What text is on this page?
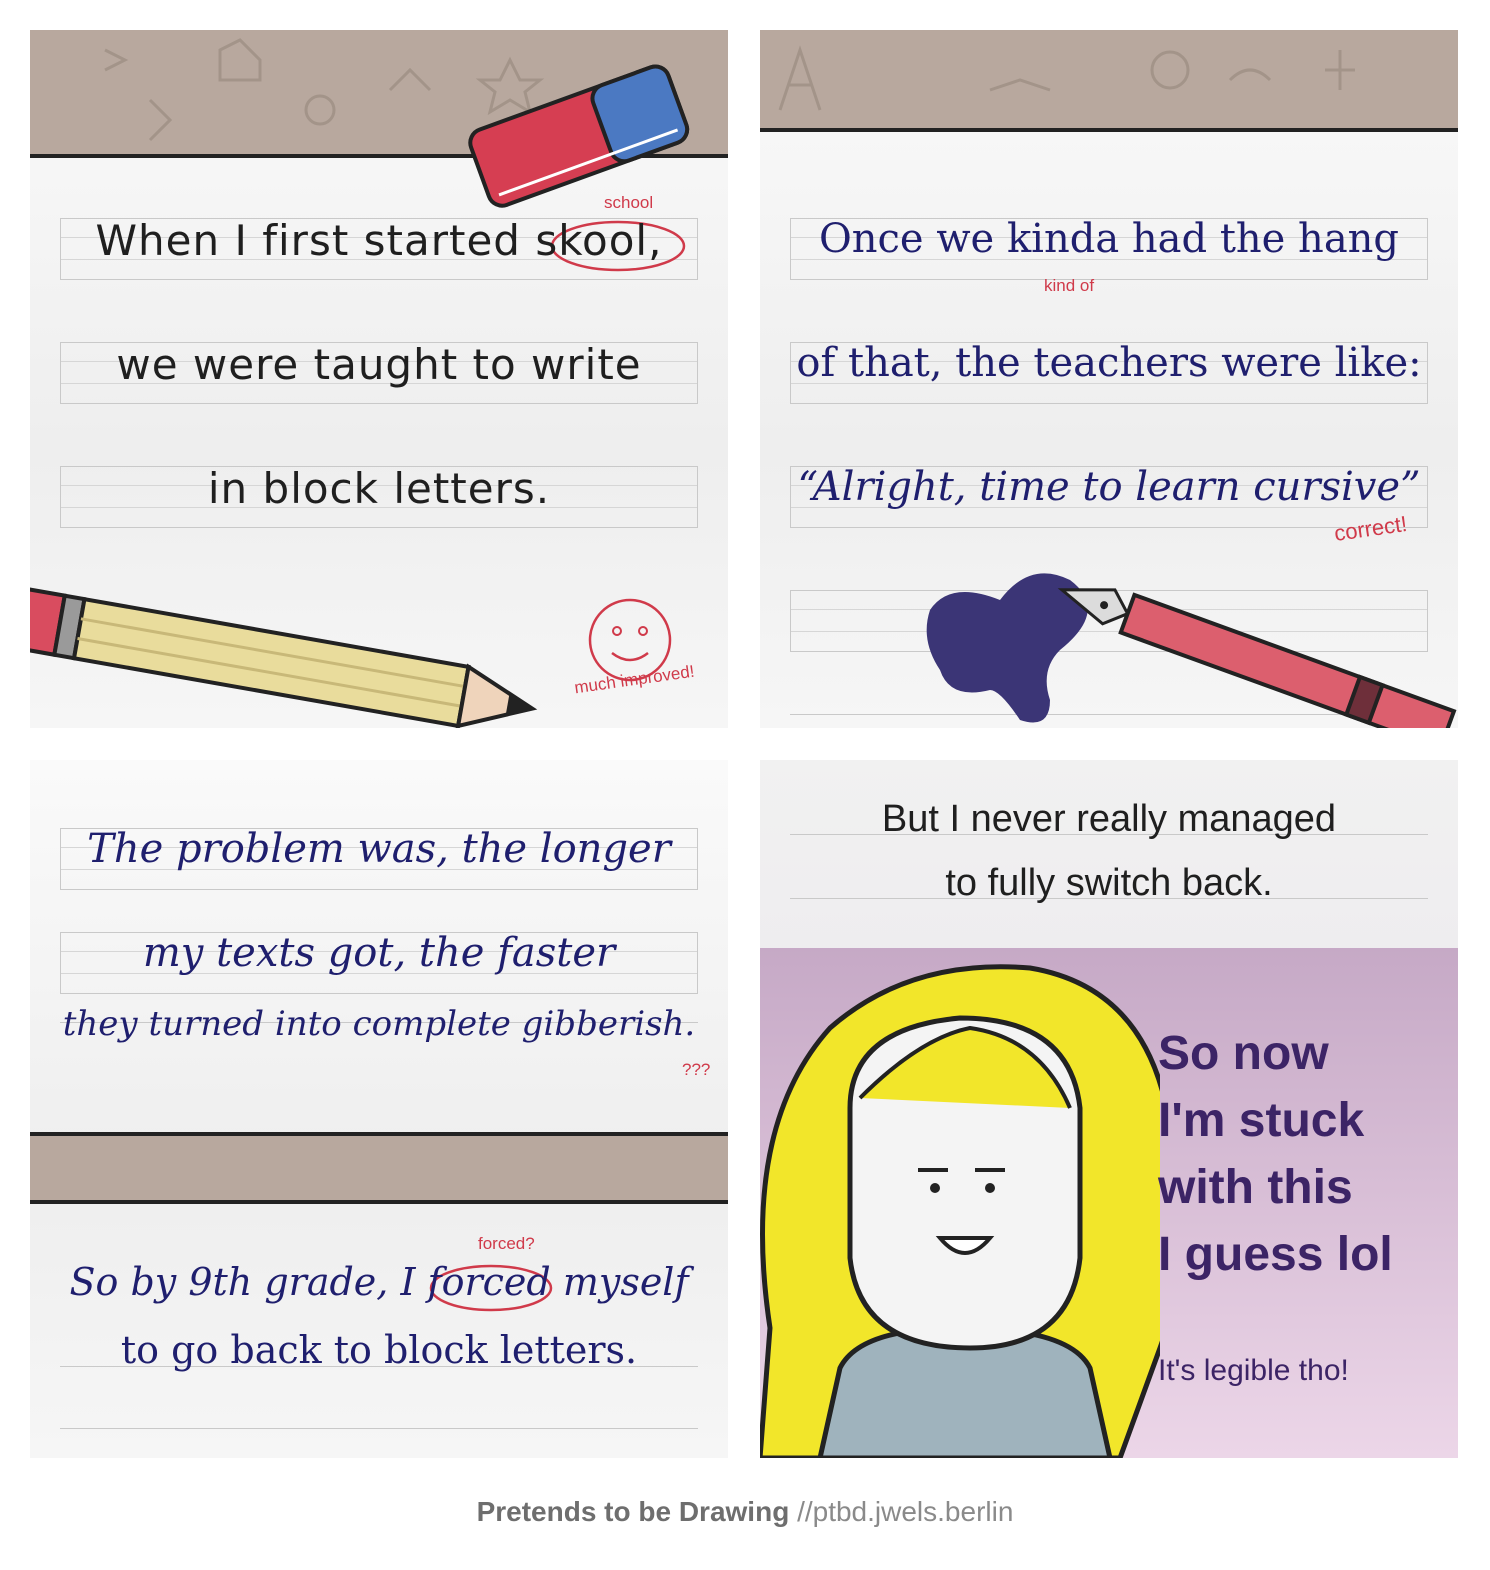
school
When I first started skool,
we were taught to write
in block letters.
much improved!
Once we kinda had the hang
kind of
of that, the teachers were like:
“Alright, time to learn cursive”
correct!
The problem was, the longer
my texts got, the faster
they turned into complete gibberish.
???
forced?
So by 9th grade, I forced myself
to go back to block letters.
But I never really managed
to fully switch back.
So now
I'm stuck
with this
I guess lol
It's legible tho!
Pretends to be Drawing //ptbd.jwels.berlin
